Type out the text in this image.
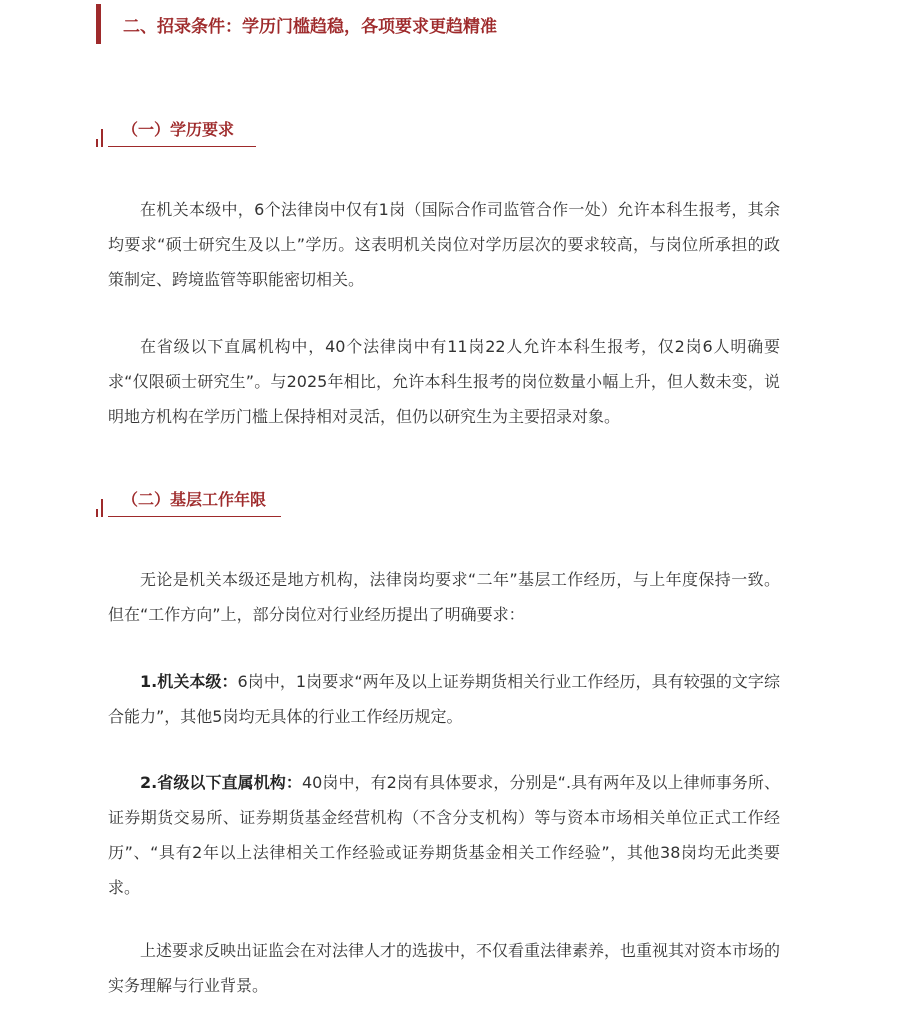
二、招录条件：学历门槛趋稳，各项要求更趋精准
（一）学历要求

在机关本级中，6个法律岗中仅有1岗（国际合作司监管合作一处）允许本科生报考，其余均要求“硕士研究生及以上”学历。这表明机关岗位对学历层次的要求较高，与岗位所承担的政策制定、跨境监管等职能密切相关。

在省级以下直属机构中，40个法律岗中有11岗22人允许本科生报考，仅2岗6人明确要求“仅限硕士研究生”。与2025年相比，允许本科生报考的岗位数量小幅上升，但人数未变，说明地方机构在学历门槛上保持相对灵活，但仍以研究生为主要招录对象。

（二）基层工作年限

无论是机关本级还是地方机构，法律岗均要求“二年”基层工作经历，与上年度保持一致。但在“工作方向”上，部分岗位对行业经历提出了明确要求：

1.机关本级：6岗中，1岗要求“两年及以上证券期货相关行业工作经历，具有较强的文字综合能力”，其他5岗均无具体的行业工作经历规定。

2.省级以下直属机构：40岗中，有2岗有具体要求，分别是“.具有两年及以上律师事务所、证券期货交易所、证券期货基金经营机构（不含分支机构）等与资本市场相关单位正式工作经历”、“具有2年以上法律相关工作经验或证券期货基金相关工作经验”，其他38岗均无此类要求。

上述要求反映出证监会在对法律人才的选拔中，不仅看重法律素养，也重视其对资本市场的实务理解与行业背景。
